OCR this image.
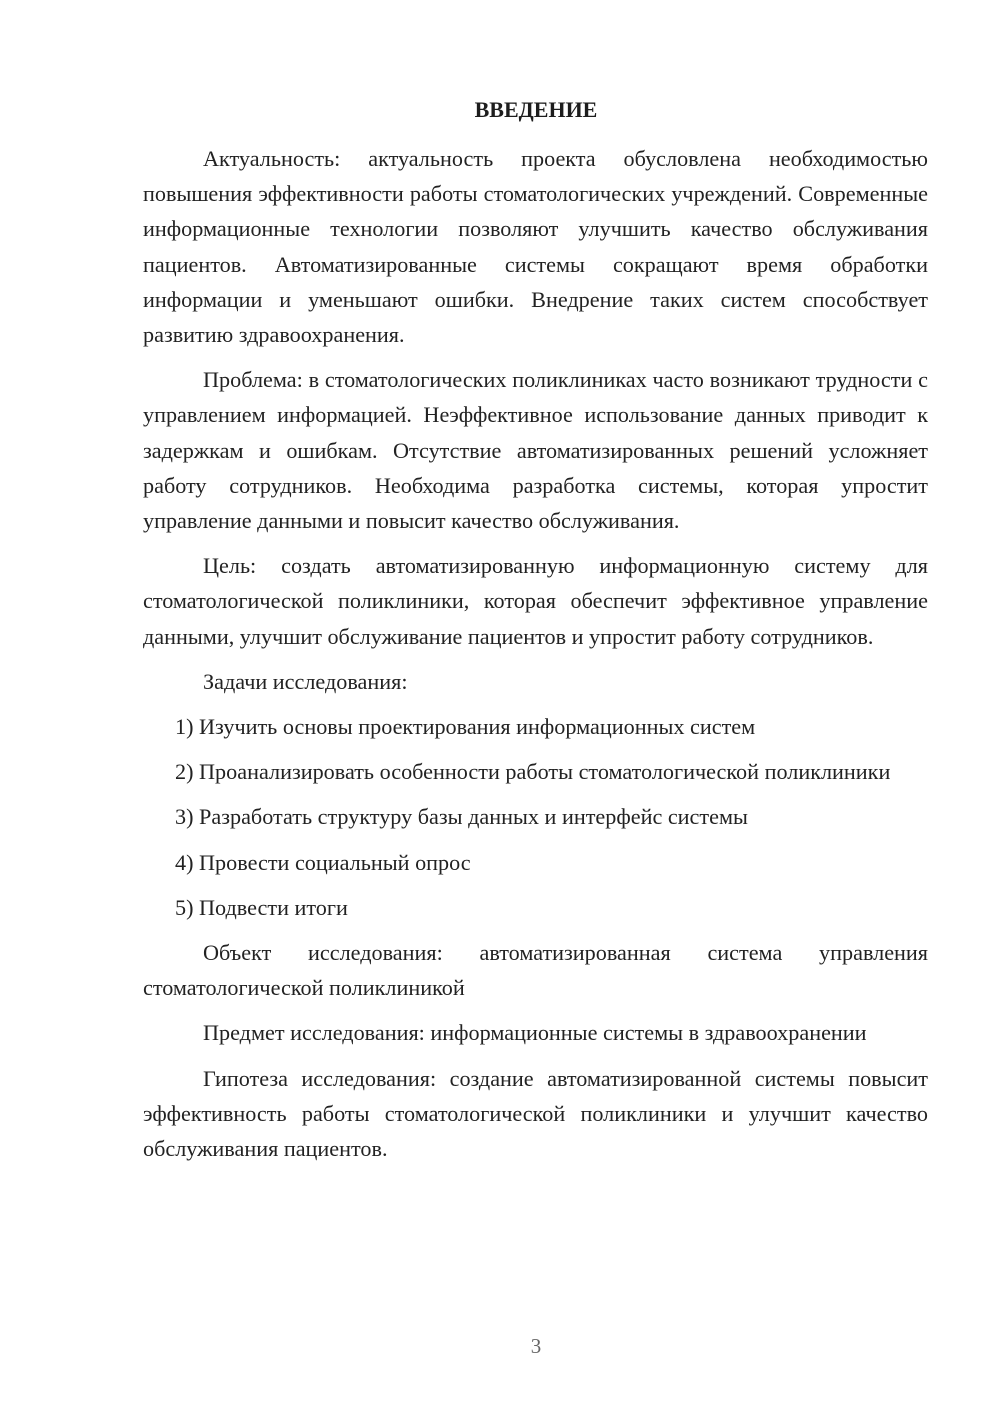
ВВЕДЕНИЕ

Актуальность: актуальность проекта обусловлена необходимостью повышения эффективности работы стоматологических учреждений. Современные информационные технологии позволяют улучшить качество обслуживания пациентов. Автоматизированные системы сокращают время обработки информации и уменьшают ошибки. Внедрение таких систем способствует развитию здравоохранения.

Проблема: в стоматологических поликлиниках часто возникают трудности с управлением информацией. Неэффективное использование данных приводит к задержкам и ошибкам. Отсутствие автоматизированных решений усложняет работу сотрудников. Необходима разработка системы, которая упростит управление данными и повысит качество обслуживания.

Цель: создать автоматизированную информационную систему для стоматологической поликлиники, которая обеспечит эффективное управление данными, улучшит обслуживание пациентов и упростит работу сотрудников.

Задачи исследования:

1) Изучить основы проектирования информационных систем

2) Проанализировать особенности работы стоматологической поликлиники

3) Разработать структуру базы данных и интерфейс системы

4) Провести социальный опрос

5) Подвести итоги

Объект исследования: автоматизированная система управления стоматологической поликлиникой

Предмет исследования: информационные системы в здравоохранении

Гипотеза исследования: создание автоматизированной системы повысит эффективность работы стоматологической поликлиники и улучшит качество обслуживания пациентов.

3
